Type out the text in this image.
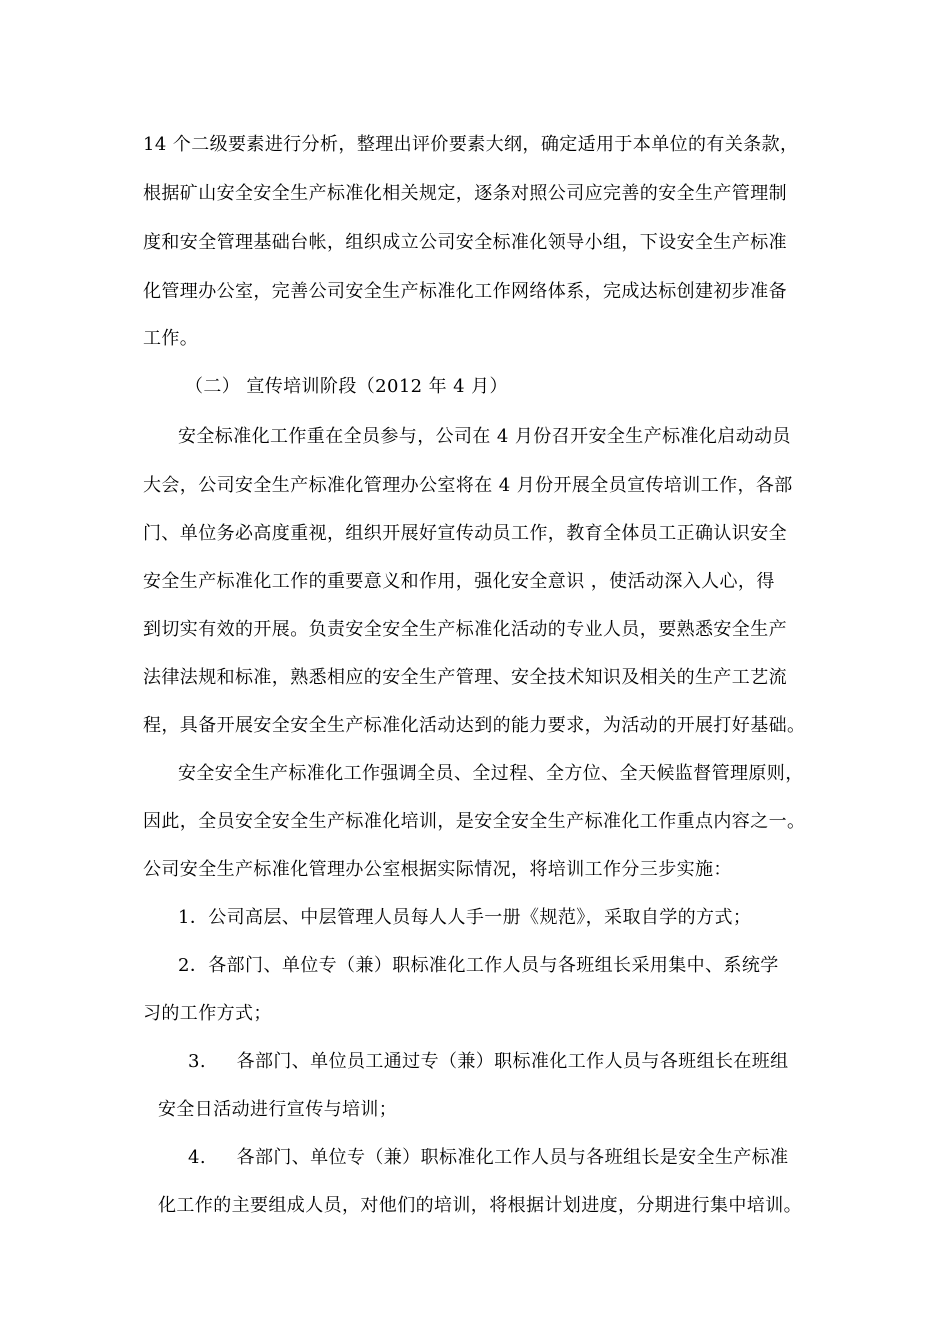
14 个二级要素进行分析，整理出评价要素大纲，确定适用于本单位的有关条款，
根据矿山安全安全生产标准化相关规定，逐条对照公司应完善的安全生产管理制
度和安全管理基础台帐，组织成立公司安全标准化领导小组，下设安全生产标准
化管理办公室，完善公司安全生产标准化工作网络体系，完成达标创建初步准备
工作。
（二） 宣传培训阶段（2012 年 4 月）
安全标准化工作重在全员参与，公司在 4 月份召开安全生产标准化启动动员
大会，公司安全生产标准化管理办公室将在 4 月份开展全员宣传培训工作，各部
门、单位务必高度重视，组织开展好宣传动员工作，教育全体员工正确认识安全
安全生产标准化工作的重要意义和作用，强化安全意识 ，使活动深入人心，得
到切实有效的开展。负责安全安全生产标准化活动的专业人员，要熟悉安全生产
法律法规和标准，熟悉相应的安全生产管理、安全技术知识及相关的生产工艺流
程，具备开展安全安全生产标准化活动达到的能力要求，为活动的开展打好基础。
安全安全生产标准化工作强调全员、全过程、全方位、全天候监督管理原则，
因此，全员安全安全生产标准化培训，是安全安全生产标准化工作重点内容之一。
公司安全生产标准化管理办公室根据实际情况，将培训工作分三步实施：
1．公司高层、中层管理人员每人人手一册《规范》，采取自学的方式；
2．各部门、单位专（兼）职标准化工作人员与各班组长采用集中、系统学
习的工作方式；
3.     各部门、单位员工通过专（兼）职标准化工作人员与各班组长在班组
安全日活动进行宣传与培训；
4.     各部门、单位专（兼）职标准化工作人员与各班组长是安全生产标准
化工作的主要组成人员，对他们的培训，将根据计划进度，分期进行集中培训。
